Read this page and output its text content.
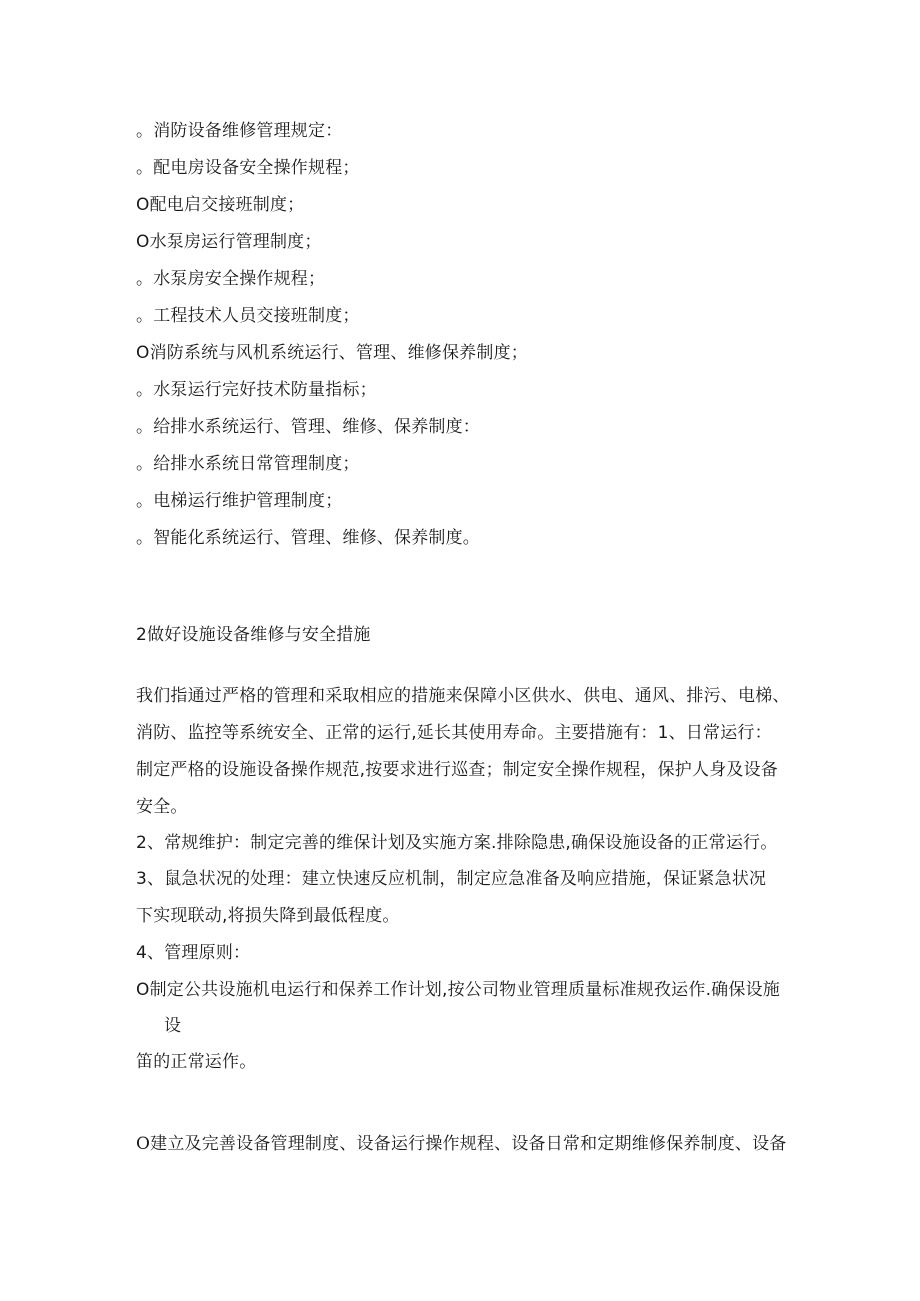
。消防设备维修管理规定：
。配电房设备安全操作规程；
O配电启交接班制度；
O水泵房运行管理制度；
。水泵房安全操作规程；
。工程技术人员交接班制度；
O消防系统与风机系统运行、管理、维修保养制度；
。水泵运行完好技术防量指标；
。给排水系统运行、管理、维修、保养制度：
。给排水系统日常管理制度；
。电梯运行维护管理制度；
。智能化系统运行、管理、维修、保养制度。
2做好设施设备维修与安全措施
我们指通过严格的管理和采取相应的措施来保障小区供水、供电、通风、排污、电梯、
消防、监控等系统安全、正常的运行,延长其使用寿命。主要措施有：1、日常运行：
制定严格的设施设备操作规范,按要求进行巡查；制定安全操作规程，保护人身及设备
安全。
2、常规维护：制定完善的维保计划及实施方案.排除隐患,确保设施设备的正常运行。
3、鼠急状况的处理：建立快速反应机制，制定应急准备及响应措施，保证紧急状况
下实现联动,将损失降到最低程度。
4、管理原则：
O制定公共设施机电运行和保养工作计划,按公司物业管理质量标准规孜运作.确保设施
设
笛的正常运作。
O建立及完善设备管理制度、设备运行操作规程、设备日常和定期维修保养制度、设备
